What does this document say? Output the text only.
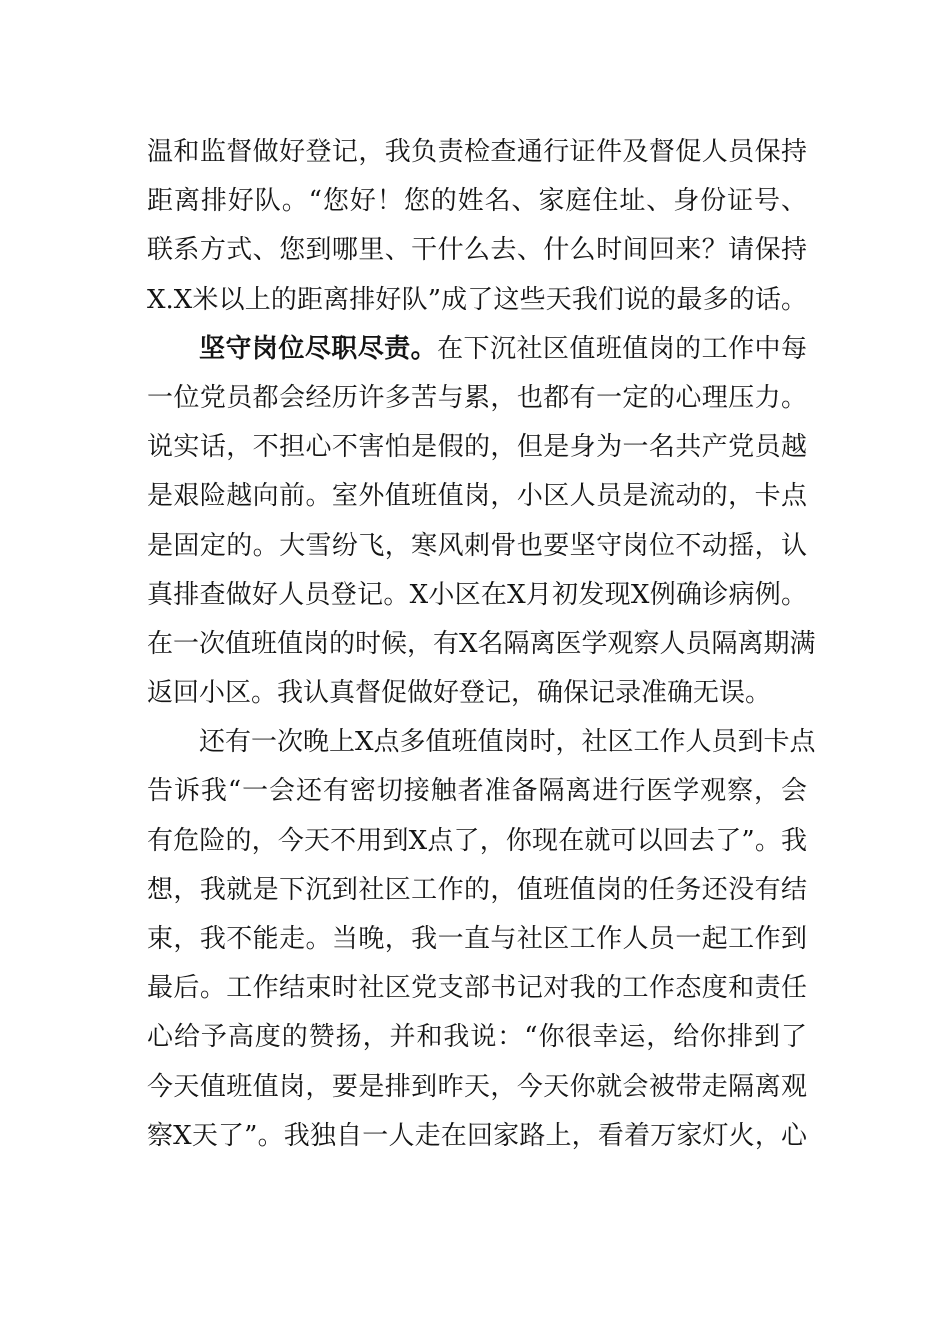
温和监督做好登记，我负责检查通行证件及督促人员保持
距离排好队。“您好！您的姓名、家庭住址、身份证号、
联系方式、您到哪里、干什么去、什么时间回来？请保持
X.X米以上的距离排好队”成了这些天我们说的最多的话。
坚守岗位尽职尽责。在下沉社区值班值岗的工作中每
一位党员都会经历许多苦与累，也都有一定的心理压力。
说实话，不担心不害怕是假的，但是身为一名共产党员越
是艰险越向前。室外值班值岗，小区人员是流动的，卡点
是固定的。大雪纷飞，寒风刺骨也要坚守岗位不动摇，认
真排查做好人员登记。X小区在X月初发现X例确诊病例。
在一次值班值岗的时候，有X名隔离医学观察人员隔离期满
返回小区。我认真督促做好登记，确保记录准确无误。
还有一次晚上X点多值班值岗时，社区工作人员到卡点
告诉我“一会还有密切接触者准备隔离进行医学观察，会
有危险的，今天不用到X点了，你现在就可以回去了”。我
想，我就是下沉到社区工作的，值班值岗的任务还没有结
束，我不能走。当晚，我一直与社区工作人员一起工作到
最后。工作结束时社区党支部书记对我的工作态度和责任
心给予高度的赞扬，并和我说：“你很幸运，给你排到了
今天值班值岗，要是排到昨天，今天你就会被带走隔离观
察X天了”。我独自一人走在回家路上，看着万家灯火，心
